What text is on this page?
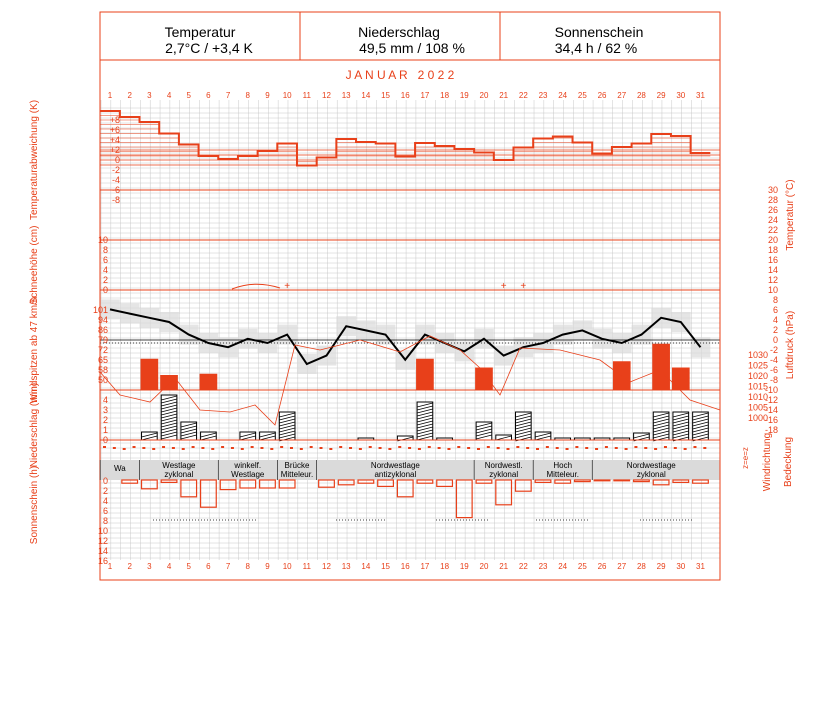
Temperatur
2,7°C / +3,4 K
Niederschlag
49,5 mm / 108 %
Sonnenschein
34,4 h / 62 %
J A N U A R   2 0 2 2
+	+ +
1
1
2
2
3
3
4
4
5
5
6
6
7
7
8
8
9
9
10
10
11
11
12
12
13
13
14
14
15
15
16
16
17
17
18
18
19
19
20
20
21
21
22
22
23
23
24
24
25
25
26
26
27
27
28
28
29
29
30
30
31
31
+8
+6
+4
+2
0
-2
-4
-6
-8
Temperaturabweichung (K)	30
28
26
24
22
20
18
16
14
12
10
8
6
4
2
0
-2
-4
-6
-8
-10
-12
-14
-16
-18
Temperatur (°C)
10
8
6
4
2
0
Schneehöhe (cm)
101
94
86
79
72
65
58
50
Windspitzen ab 47 km/h	1030
1025
1020
1015
1010
1005
1000
Luftdruck (hPa)
4
3
2
1
0
Niederschlag (mm)	z=e=z Windrichtung Bedeckung
Wa	Westlage
zyklonal
winkelf.
Westlage
Brücke
Mitteleur.
Nordwestlage
antizyklonal
Nordwestl.
zyklonal
Hoch
Mitteleur.
Nordwestlage
zyklonal
0
2
4
6
8
10
12
14
16
Sonnenschein (h)
